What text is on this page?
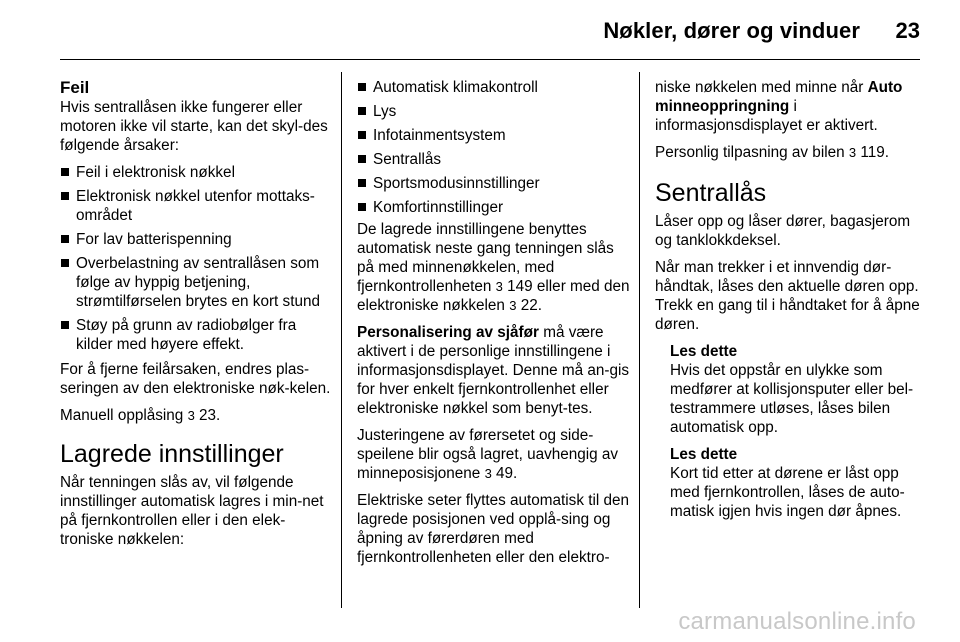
Nøkler, dører og vinduer 23
Feil

Hvis sentrallåsen ikke fungerer eller motoren ikke vil starte, kan det skyl-des følgende årsaker:

Feil i elektronisk nøkkel
Elektronisk nøkkel utenfor mottaks-området
For lav batterispenning
Overbelastning av sentrallåsen som følge av hyppig betjening, strømtilførselen brytes en kort stund
Støy på grunn av radiobølger fra kilder med høyere effekt.

For å fjerne feilårsaken, endres plas-seringen av den elektroniske nøk-kelen.

Manuell opplåsing 3 23.

Lagrede innstillinger

Når tenningen slås av, vil følgende innstillinger automatisk lagres i min-net på fjernkontrollen eller i den elek-troniske nøkkelen:

Automatisk klimakontroll
Lys
Infotainmentsystem
Sentrallås
Sportsmodusinnstillinger
Komfortinnstillinger

De lagrede innstillingene benyttes automatisk neste gang tenningen slås på med minnenøkkelen, med fjernkontrollenheten 3 149 eller med den elektroniske nøkkelen 3 22.

Personalisering av sjåfør må være aktivert i de personlige innstillingene i informasjonsdisplayet. Denne må an-gis for hver enkelt fjernkontrollenhet eller elektroniske nøkkel som benyt-tes.

Justeringene av førersetet og side-speilene blir også lagret, uavhengig av minneposisjonene 3 49.

Elektriske seter flyttes automatisk til den lagrede posisjonen ved opplå-sing og åpning av førerdøren med fjernkontrollenheten eller den elektro-

niske nøkkelen med minne når Auto minneoppringning i informasjonsdisplayet er aktivert.

Personlig tilpasning av bilen 3 119.

Sentrallås

Låser opp og låser dører, bagasjerom og tanklokkdeksel.

Når man trekker i et innvendig dør-håndtak, låses den aktuelle døren opp. Trekk en gang til i håndtaket for å åpne døren.

Les dette
Hvis det oppstår en ulykke som medfører at kollisjonsputer eller bel-testrammere utløses, låses bilen automatisk opp.
Les dette
Kort tid etter at dørene er låst opp med fjernkontrollen, låses de auto-matisk igjen hvis ingen dør åpnes.
carmanualsonline.info
